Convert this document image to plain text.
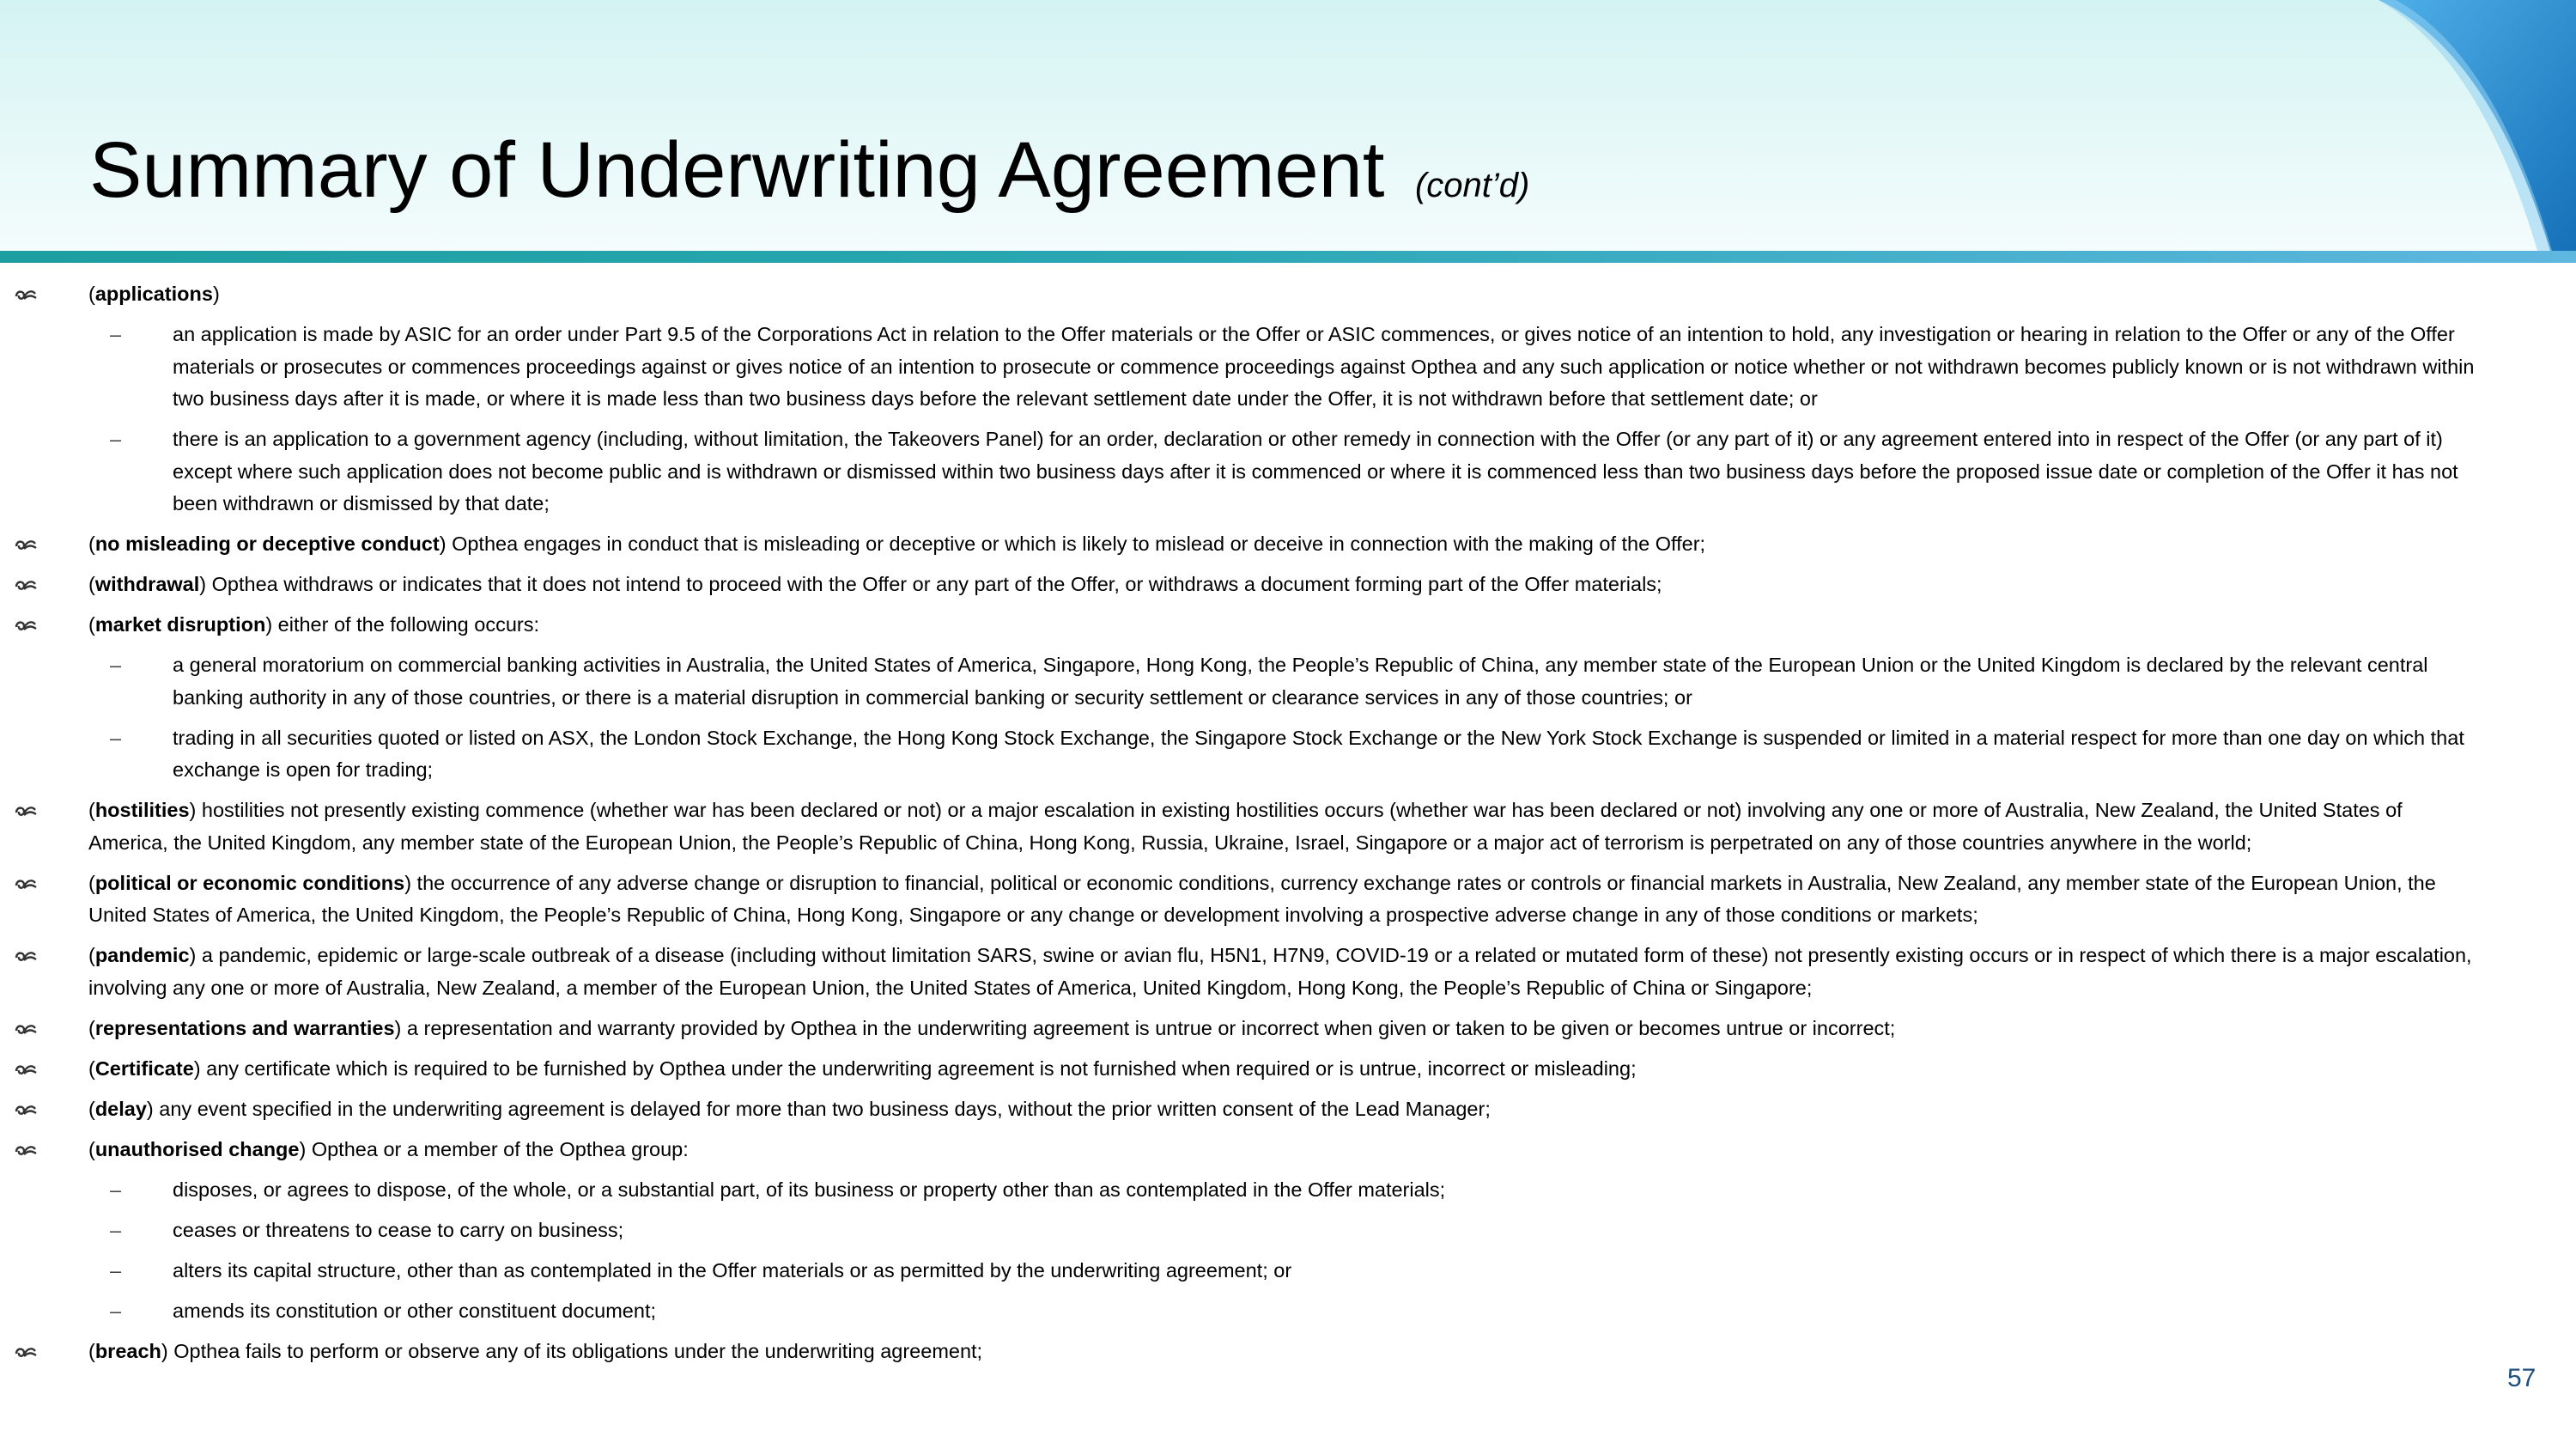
Summary of Underwriting Agreement (cont’d)
(applications)
–	an application is made by ASIC for an order under Part 9.5 of the Corporations Act in relation to the Offer materials or the Offer or ASIC commences, or gives notice of an intention to hold, any investigation or hearing in relation to the Offer or any of the Offer materials or prosecutes or commences proceedings against or gives notice of an intention to prosecute or commence proceedings against Opthea and any such application or notice whether or not withdrawn becomes publicly known or is not withdrawn within two business days after it is made, or where it is made less than two business days before the relevant settlement date under the Offer, it is not withdrawn before that settlement date; or
–	there is an application to a government agency (including, without limitation, the Takeovers Panel) for an order, declaration or other remedy in connection with the Offer (or any part of it) or any agreement entered into in respect of the Offer (or any part of it) except where such application does not become public and is withdrawn or dismissed within two business days after it is commenced or where it is commenced less than two business days before the proposed issue date or completion of the Offer it has not been withdrawn or dismissed by that date;
(no misleading or deceptive conduct) Opthea engages in conduct that is misleading or deceptive or which is likely to mislead or deceive in connection with the making of the Offer;
(withdrawal) Opthea withdraws or indicates that it does not intend to proceed with the Offer or any part of the Offer, or withdraws a document forming part of the Offer materials;
(market disruption) either of the following occurs:
–	a general moratorium on commercial banking activities in Australia, the United States of America, Singapore, Hong Kong, the People’s Republic of China, any member state of the European Union or the United Kingdom is declared by the relevant central banking authority in any of those countries, or there is a material disruption in commercial banking or security settlement or clearance services in any of those countries; or
–	trading in all securities quoted or listed on ASX, the London Stock Exchange, the Hong Kong Stock Exchange, the Singapore Stock Exchange or the New York Stock Exchange is suspended or limited in a material respect for more than one day on which that exchange is open for trading;
(hostilities) hostilities not presently existing commence (whether war has been declared or not) or a major escalation in existing hostilities occurs (whether war has been declared or not) involving any one or more of Australia, New Zealand, the United States of America, the United Kingdom, any member state of the European Union, the People’s Republic of China, Hong Kong, Russia, Ukraine, Israel, Singapore or a major act of terrorism is perpetrated on any of those countries anywhere in the world;
(political or economic conditions) the occurrence of any adverse change or disruption to financial, political or economic conditions, currency exchange rates or controls or financial markets in Australia, New Zealand, any member state of the European Union, the United States of America, the United Kingdom, the People’s Republic of China, Hong Kong, Singapore or any change or development involving a prospective adverse change in any of those conditions or markets;
(pandemic) a pandemic, epidemic or large-scale outbreak of a disease (including without limitation SARS, swine or avian flu, H5N1, H7N9, COVID-19 or a related or mutated form of these) not presently existing occurs or in respect of which there is a major escalation, involving any one or more of Australia, New Zealand, a member of the European Union, the United States of America, United Kingdom, Hong Kong, the People’s Republic of China or Singapore;
(representations and warranties) a representation and warranty provided by Opthea in the underwriting agreement is untrue or incorrect when given or taken to be given or becomes untrue or incorrect;
(Certificate) any certificate which is required to be furnished by Opthea under the underwriting agreement is not furnished when required or is untrue, incorrect or misleading;
(delay) any event specified in the underwriting agreement is delayed for more than two business days, without the prior written consent of the Lead Manager;
(unauthorised change) Opthea or a member of the Opthea group:
–	disposes, or agrees to dispose, of the whole, or a substantial part, of its business or property other than as contemplated in the Offer materials;
–	ceases or threatens to cease to carry on business;
–	alters its capital structure, other than as contemplated in the Offer materials or as permitted by the underwriting agreement; or
–	amends its constitution or other constituent document;
(breach) Opthea fails to perform or observe any of its obligations under the underwriting agreement;
57
